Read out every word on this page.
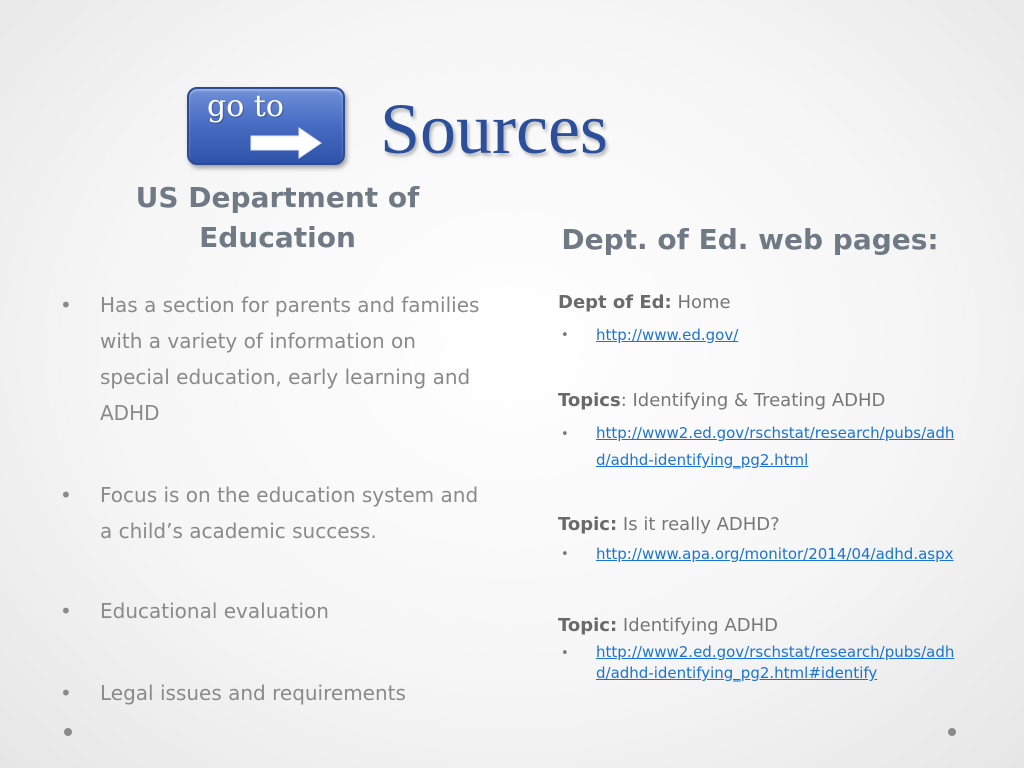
go to Sources
US Department of Education	Dept. of Ed. web pages:
• Has a section for parents and families with a variety of information on special education, early learning and ADHD
• Focus is on the education system and a child’s academic success.
• Educational evaluation
• Legal issues and requirements
Dept of Ed: Home
• http://www.ed.gov/
Topics: Identifying & Treating ADHD
• http://www2.ed.gov/rschstat/research/pubs/adhd/adhd-identifying_pg2.html
Topic: Is it really ADHD?
• http://www.apa.org/monitor/2014/04/adhd.aspx
Topic: Identifying ADHD
• http://www2.ed.gov/rschstat/research/pubs/adhd/adhd-identifying_pg2.html#identify
